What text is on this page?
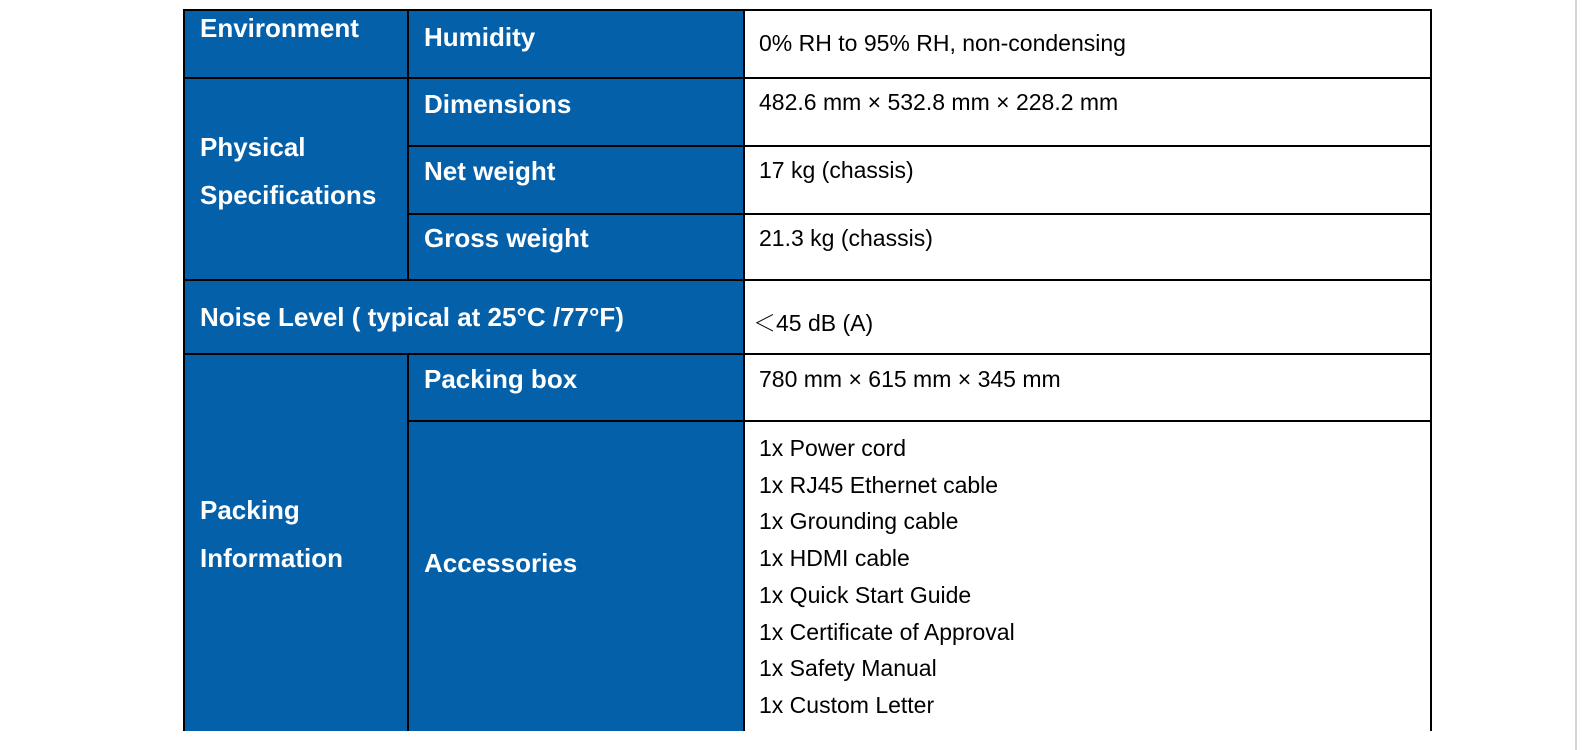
Environment
Physical
Specifications
Noise Level ( typical at 25°C /77°F)
Packing
Information
Humidity
Dimensions
Net weight
Gross weight
Packing box
Accessories
0% RH to 95% RH, non-condensing
482.6 mm × 532.8 mm × 228.2 mm
17 kg (chassis)
21.3 kg (chassis)
＜45 dB (A)
780 mm × 615 mm × 345 mm
1x Power cord
1x RJ45 Ethernet cable
1x Grounding cable
1x HDMI cable
1x Quick Start Guide
1x Certificate of Approval
1x Safety Manual
1x Custom Letter
